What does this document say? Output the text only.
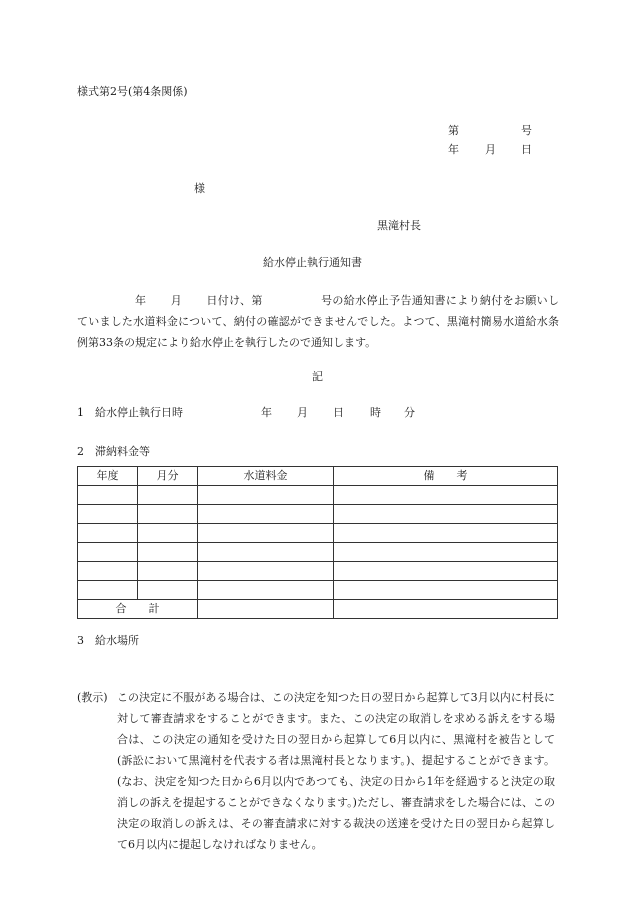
様式第2号(第4条関係)
第	号
年 月 日
様
黒滝村長
給水停止執行通知書
年 月 日付け、第	号の給水停止予告通知書により納付をお願いしていました水道料金について、納付の確認ができませんでした。よつて、黒滝村簡易水道給水条例第33条の規定により給水停止を執行したので通知します。
記
1　給水停止執行日時	年 月 日 時 分
2　滞納料金等
年度	月分	水道料金	備　　考

合　　計			
3　給水場所
(教示) この決定に不服がある場合は、この決定を知つた日の翌日から起算して3月以内に村長に対して審査請求をすることができます。また、この決定の取消しを求める訴えをする場合は、この決定の通知を受けた日の翌日から起算して6月以内に、黒滝村を被告として(訴訟において黒滝村を代表する者は黒滝村長となります。)、提起することができます。(なお、決定を知つた日から6月以内であつても、決定の日から1年を経過すると決定の取消しの訴えを提起することができなくなります。)ただし、審査請求をした場合には、この決定の取消しの訴えは、その審査請求に対する裁決の送達を受けた日の翌日から起算して6月以内に提起しなければなりません。
